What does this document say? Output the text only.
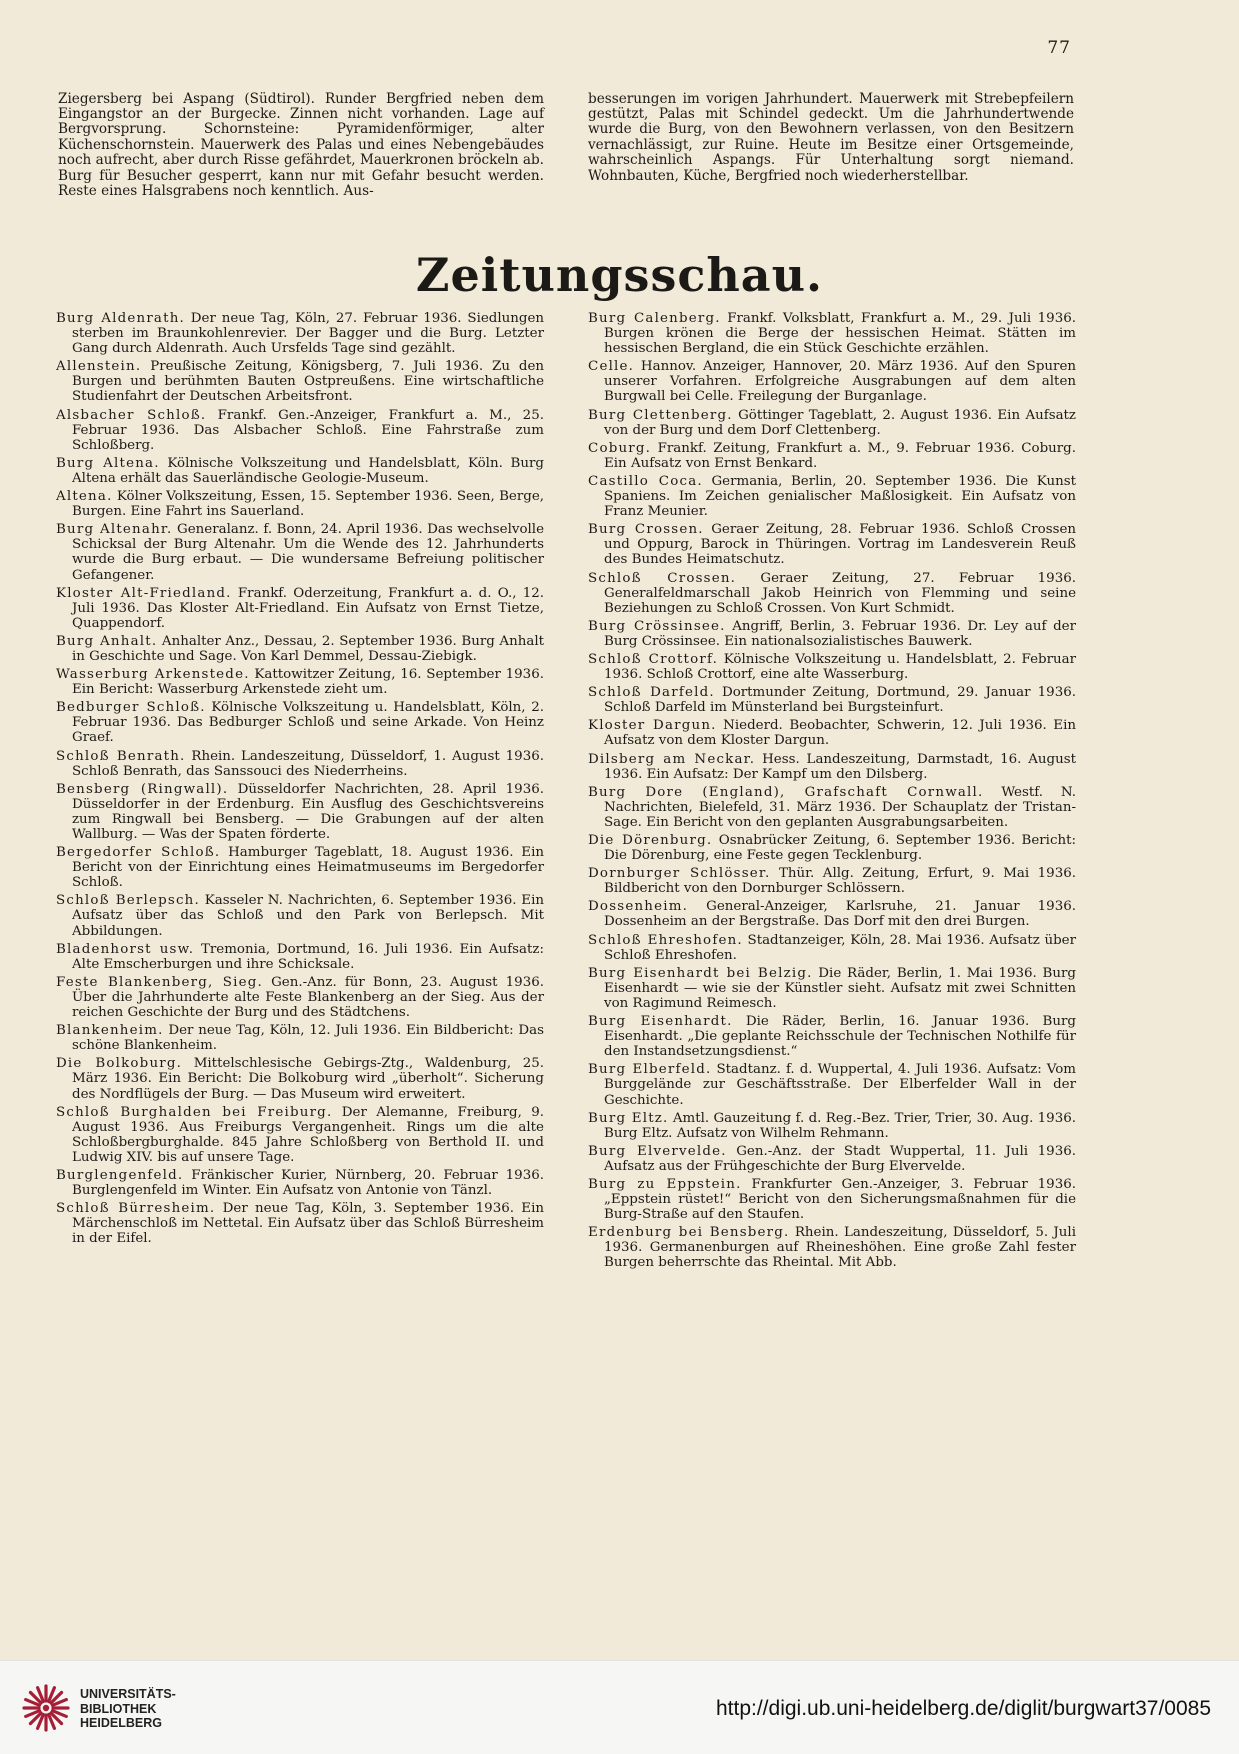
77

Ziegersberg bei Aspang (Südtirol). Runder Bergfried neben dem Eingangstor an der Burgecke. Zinnen nicht vorhanden. Lage auf Bergvorsprung. Schornsteine: Pyramidenförmiger, alter Küchenschornstein. Mauerwerk des Palas und eines Nebengebäudes noch aufrecht, aber durch Risse gefährdet, Mauerkronen bröckeln ab. Burg für Besucher gesperrt, kann nur mit Gefahr besucht werden. Reste eines Halsgrabens noch kenntlich. Aus-

besserungen im vorigen Jahrhundert. Mauerwerk mit Strebepfeilern gestützt, Palas mit Schindel gedeckt. Um die Jahrhundertwende wurde die Burg, von den Bewohnern verlassen, von den Besitzern vernachlässigt, zur Ruine. Heute im Besitze einer Ortsgemeinde, wahrscheinlich Aspangs. Für Unterhaltung sorgt niemand. Wohnbauten, Küche, Bergfried noch wiederherstellbar.

Zeitungsschau.

Burg Aldenrath. Der neue Tag, Köln, 27. Februar 1936. Siedlungen sterben im Braunkohlenrevier. Der Bagger und die Burg. Letzter Gang durch Aldenrath. Auch Ursfelds Tage sind gezählt.

Allenstein. Preußische Zeitung, Königsberg, 7. Juli 1936. Zu den Burgen und berühmten Bauten Ostpreußens. Eine wirtschaftliche Studienfahrt der Deutschen Arbeitsfront.

Alsbacher Schloß. Frankf. Gen.-Anzeiger, Frankfurt a. M., 25. Februar 1936. Das Alsbacher Schloß. Eine Fahrstraße zum Schloßberg.

Burg Altena. Kölnische Volkszeitung und Handelsblatt, Köln. Burg Altena erhält das Sauerländische Geologie-Museum.

Altena. Kölner Volkszeitung, Essen, 15. September 1936. Seen, Berge, Burgen. Eine Fahrt ins Sauerland.

Burg Altenahr. Generalanz. f. Bonn, 24. April 1936. Das wechselvolle Schicksal der Burg Altenahr. Um die Wende des 12. Jahrhunderts wurde die Burg erbaut. — Die wundersame Befreiung politischer Gefangener.

Kloster Alt-Friedland. Frankf. Oderzeitung, Frankfurt a. d. O., 12. Juli 1936. Das Kloster Alt-Friedland. Ein Aufsatz von Ernst Tietze, Quappendorf.

Burg Anhalt. Anhalter Anz., Dessau, 2. September 1936. Burg Anhalt in Geschichte und Sage. Von Karl Demmel, Dessau-Ziebigk.

Wasserburg Arkenstede. Kattowitzer Zeitung, 16. September 1936. Ein Bericht: Wasserburg Arkenstede zieht um.

Bedburger Schloß. Kölnische Volkszeitung u. Handelsblatt, Köln, 2. Februar 1936. Das Bedburger Schloß und seine Arkade. Von Heinz Graef.

Schloß Benrath. Rhein. Landeszeitung, Düsseldorf, 1. August 1936. Schloß Benrath, das Sanssouci des Niederrheins.

Bensberg (Ringwall). Düsseldorfer Nachrichten, 28. April 1936. Düsseldorfer in der Erdenburg. Ein Ausflug des Geschichtsvereins zum Ringwall bei Bensberg. — Die Grabungen auf der alten Wallburg. — Was der Spaten förderte.

Bergedorfer Schloß. Hamburger Tageblatt, 18. August 1936. Ein Bericht von der Einrichtung eines Heimatmuseums im Bergedorfer Schloß.

Schloß Berlepsch. Kasseler N. Nachrichten, 6. September 1936. Ein Aufsatz über das Schloß und den Park von Berlepsch. Mit Abbildungen.

Bladenhorst usw. Tremonia, Dortmund, 16. Juli 1936. Ein Aufsatz: Alte Emscherburgen und ihre Schicksale.

Feste Blankenberg, Sieg. Gen.-Anz. für Bonn, 23. August 1936. Über die Jahrhunderte alte Feste Blankenberg an der Sieg. Aus der reichen Geschichte der Burg und des Städtchens.

Blankenheim. Der neue Tag, Köln, 12. Juli 1936. Ein Bildbericht: Das schöne Blankenheim.

Die Bolkoburg. Mittelschlesische Gebirgs-Ztg., Waldenburg, 25. März 1936. Ein Bericht: Die Bolkoburg wird „überholt“. Sicherung des Nordflügels der Burg. — Das Museum wird erweitert.

Schloß Burghalden bei Freiburg. Der Alemanne, Freiburg, 9. August 1936. Aus Freiburgs Vergangenheit. Rings um die alte Schloßbergburghalde. 845 Jahre Schloßberg von Berthold II. und Ludwig XIV. bis auf unsere Tage.

Burglengenfeld. Fränkischer Kurier, Nürnberg, 20. Februar 1936. Burglengenfeld im Winter. Ein Aufsatz von Antonie von Tänzl.

Schloß Bürresheim. Der neue Tag, Köln, 3. September 1936. Ein Märchenschloß im Nettetal. Ein Aufsatz über das Schloß Bürresheim in der Eifel.

Burg Calenberg. Frankf. Volksblatt, Frankfurt a. M., 29. Juli 1936. Burgen krönen die Berge der hessischen Heimat. Stätten im hessischen Bergland, die ein Stück Geschichte erzählen.

Celle. Hannov. Anzeiger, Hannover, 20. März 1936. Auf den Spuren unserer Vorfahren. Erfolgreiche Ausgrabungen auf dem alten Burgwall bei Celle. Freilegung der Burganlage.

Burg Clettenberg. Göttinger Tageblatt, 2. August 1936. Ein Aufsatz von der Burg und dem Dorf Clettenberg.

Coburg. Frankf. Zeitung, Frankfurt a. M., 9. Februar 1936. Coburg. Ein Aufsatz von Ernst Benkard.

Castillo Coca. Germania, Berlin, 20. September 1936. Die Kunst Spaniens. Im Zeichen genialischer Maßlosigkeit. Ein Aufsatz von Franz Meunier.

Burg Crossen. Geraer Zeitung, 28. Februar 1936. Schloß Crossen und Oppurg, Barock in Thüringen. Vortrag im Landesverein Reuß des Bundes Heimatschutz.

Schloß Crossen. Geraer Zeitung, 27. Februar 1936. Generalfeldmarschall Jakob Heinrich von Flemming und seine Beziehungen zu Schloß Crossen. Von Kurt Schmidt.

Burg Crössinsee. Angriff, Berlin, 3. Februar 1936. Dr. Ley auf der Burg Crössinsee. Ein nationalsozialistisches Bauwerk.

Schloß Crottorf. Kölnische Volkszeitung u. Handelsblatt, 2. Februar 1936. Schloß Crottorf, eine alte Wasserburg.

Schloß Darfeld. Dortmunder Zeitung, Dortmund, 29. Januar 1936. Schloß Darfeld im Münsterland bei Burgsteinfurt.

Kloster Dargun. Niederd. Beobachter, Schwerin, 12. Juli 1936. Ein Aufsatz von dem Kloster Dargun.

Dilsberg am Neckar. Hess. Landeszeitung, Darmstadt, 16. August 1936. Ein Aufsatz: Der Kampf um den Dilsberg.

Burg Dore (England), Grafschaft Cornwall. Westf. N. Nachrichten, Bielefeld, 31. März 1936. Der Schauplatz der Tristan-Sage. Ein Bericht von den geplanten Ausgrabungsarbeiten.

Die Dörenburg. Osnabrücker Zeitung, 6. September 1936. Bericht: Die Dörenburg, eine Feste gegen Tecklenburg.

Dornburger Schlösser. Thür. Allg. Zeitung, Erfurt, 9. Mai 1936. Bildbericht von den Dornburger Schlössern.

Dossenheim. General-Anzeiger, Karlsruhe, 21. Januar 1936. Dossenheim an der Bergstraße. Das Dorf mit den drei Burgen.

Schloß Ehreshofen. Stadtanzeiger, Köln, 28. Mai 1936. Aufsatz über Schloß Ehreshofen.

Burg Eisenhardt bei Belzig. Die Räder, Berlin, 1. Mai 1936. Burg Eisenhardt — wie sie der Künstler sieht. Aufsatz mit zwei Schnitten von Ragimund Reimesch.

Burg Eisenhardt. Die Räder, Berlin, 16. Januar 1936. Burg Eisenhardt. „Die geplante Reichsschule der Technischen Nothilfe für den Instandsetzungsdienst.“

Burg Elberfeld. Stadtanz. f. d. Wuppertal, 4. Juli 1936. Aufsatz: Vom Burggelände zur Geschäftsstraße. Der Elberfelder Wall in der Geschichte.

Burg Eltz. Amtl. Gauzeitung f. d. Reg.-Bez. Trier, Trier, 30. Aug. 1936. Burg Eltz. Aufsatz von Wilhelm Rehmann.

Burg Elvervelde. Gen.-Anz. der Stadt Wuppertal, 11. Juli 1936. Aufsatz aus der Frühgeschichte der Burg Elvervelde.

Burg zu Eppstein. Frankfurter Gen.-Anzeiger, 3. Februar 1936. „Eppstein rüstet!“ Bericht von den Sicherungsmaßnahmen für die Burg-Straße auf den Staufen.

Erdenburg bei Bensberg. Rhein. Landeszeitung, Düsseldorf, 5. Juli 1936. Germanenburgen auf Rheineshöhen. Eine große Zahl fester Burgen beherrschte das Rheintal. Mit Abb.

UNIVERSITÄTS-
BIBLIOTHEK
HEIDELBERG
http://digi.ub.uni-heidelberg.de/diglit/burgwart37/0085
